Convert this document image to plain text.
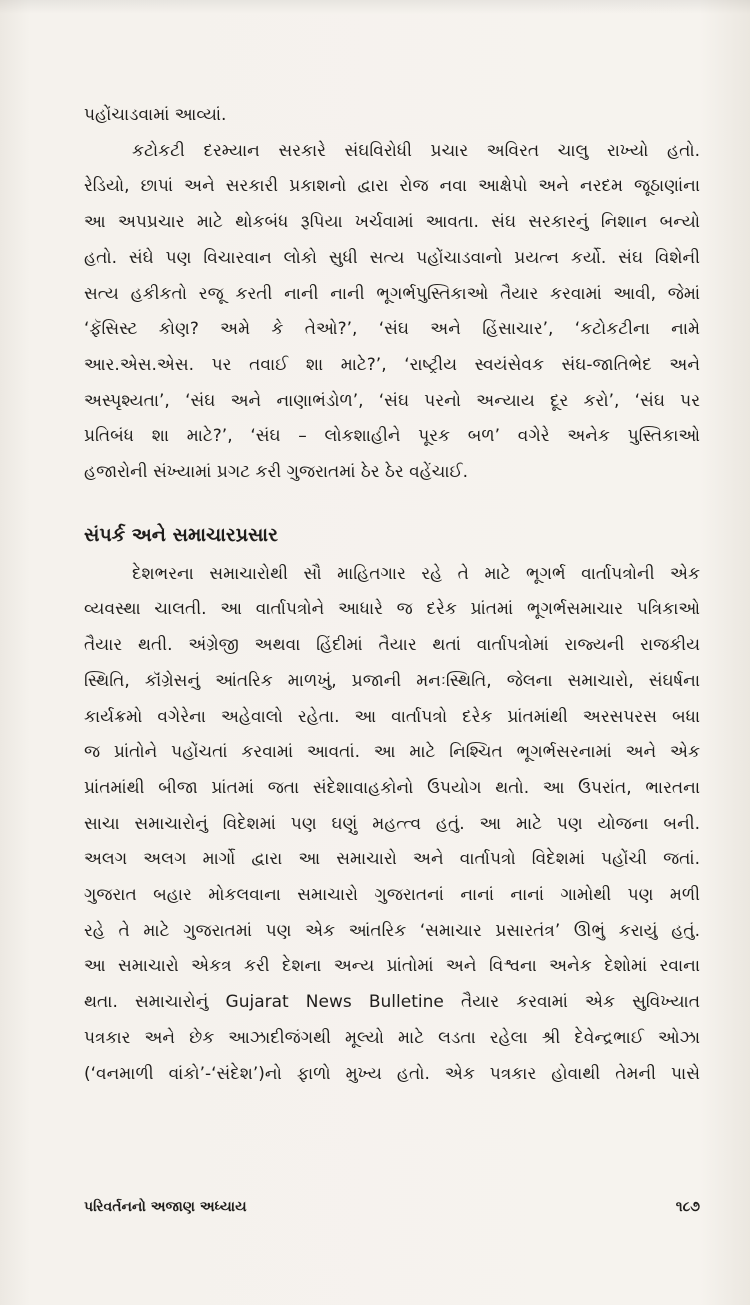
પહોંચાડવામાં આવ્યાં.
કટોકટી દરમ્યાન સરકારે સંઘવિરોધી પ્રચાર અવિરત ચાલુ રાખ્યો હતો.
રેડિયો, છાપાં અને સરકારી પ્રકાશનો દ્વારા રોજ નવા આક્ષેપો અને નરદમ જૂઠાણાંના
આ અપપ્રચાર માટે થોકબંધ રૂપિયા ખર્ચવામાં આવતા. સંઘ સરકારનું નિશાન બન્યો
હતો. સંઘે પણ વિચારવાન લોકો સુધી સત્ય પહોંચાડવાનો પ્રયત્ન કર્યો. સંઘ વિશેની
સત્ય હકીકતો રજૂ કરતી નાની નાની ભૂગર્ભપુસ્તિકાઓ તૈયાર કરવામાં આવી, જેમાં
‘ફૅસિસ્ટ કોણ? અમે કે તેઓ?’, ‘સંઘ અને હિંસાચાર’, ‘કટોકટીના નામે
આર.એસ.એસ. પર તવાઈ શા માટે?’, ‘રાષ્ટ્રીય સ્વયંસેવક સંઘ-જાતિભેદ અને
અસ્પૃશ્યતા’, ‘સંઘ અને નાણાભંડોળ’, ‘સંઘ પરનો અન્યાય દૂર કરો’, ‘સંઘ પર
પ્રતિબંધ શા માટે?’, ‘સંઘ – લોકશાહીને પૂરક બળ’ વગેરે અનેક પુસ્તિકાઓ
હજારોની સંખ્યામાં પ્રગટ કરી ગુજરાતમાં ઠેર ઠેર વહેંચાઈ.
સંપર્ક અને સમાચારપ્રસાર
દેશભરના સમાચારોથી સૌ માહિતગાર રહે તે માટે ભૂગર્ભ વાર્તાપત્રોની એક
વ્યવસ્થા ચાલતી. આ વાર્તાપત્રોને આધારે જ દરેક પ્રાંતમાં ભૂગર્ભસમાચાર પત્રિકાઓ
તૈયાર થતી. અંગ્રેજી અથવા હિંદીમાં તૈયાર થતાં વાર્તાપત્રોમાં રાજ્યની રાજકીય
સ્થિતિ, કૉંગ્રેસનું આંતરિક માળખું, પ્રજાની મનઃસ્થિતિ, જેલના સમાચારો, સંઘર્ષના
કાર્યક્રમો વગેરેના અહેવાલો રહેતા. આ વાર્તાપત્રો દરેક પ્રાંતમાંથી અરસપરસ બધા
જ પ્રાંતોને પહોંચતાં કરવામાં આવતાં. આ માટે નિશ્ચિત ભૂગર્ભસરનામાં અને એક
પ્રાંતમાંથી બીજા પ્રાંતમાં જતા સંદેશાવાહકોનો ઉપયોગ થતો. આ ઉપરાંત, ભારતના
સાચા સમાચારોનું વિદેશમાં પણ ઘણું મહત્ત્વ હતું. આ માટે પણ યોજના બની.
અલગ અલગ માર્ગો દ્વારા આ સમાચારો અને વાર્તાપત્રો વિદેશમાં પહોંચી જતાં.
ગુજરાત બહાર મોકલવાના સમાચારો ગુજરાતનાં નાનાં નાનાં ગામોથી પણ મળી
રહે તે માટે ગુજરાતમાં પણ એક આંતરિક ‘સમાચાર પ્રસારતંત્ર’ ઊભું કરાયું હતું.
આ સમાચારો એકત્ર કરી દેશના અન્ય પ્રાંતોમાં અને વિશ્વના અનેક દેશોમાં રવાના
થતા. સમાચારોનું Gujarat News Bulletine તૈયાર કરવામાં એક સુવિખ્યાત
પત્રકાર અને છેક આઝાદીજંગથી મૂલ્યો માટે લડતા રહેલા શ્રી દેવેન્દ્રભાઈ ઓઝા
(‘વનમાળી વાંકો’-‘સંદેશ’)નો ફાળો મુખ્ય હતો. એક પત્રકાર હોવાથી તેમની પાસે
પરિવર્તનનો અજાણ અધ્યાય	૧૮૭
